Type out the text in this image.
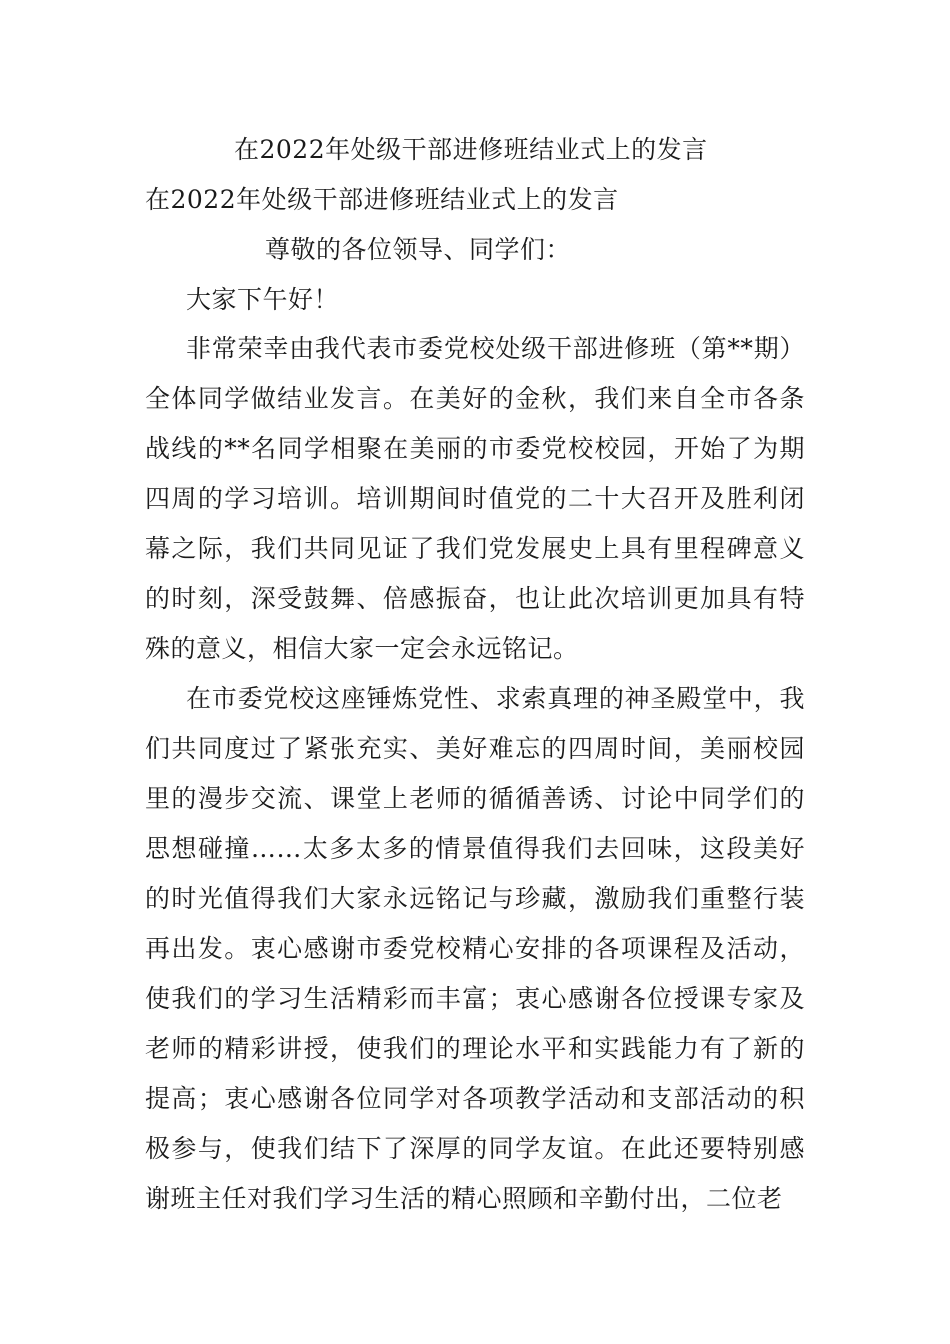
在2022年处级干部进修班结业式上的发言
在2022年处级干部进修班结业式上的发言
尊敬的各位领导、同学们：
大家下午好！

非常荣幸由我代表市委党校处级干部进修班（第**期）全体同学做结业发言。在美好的金秋，我们来自全市各条战线的**名同学相聚在美丽的市委党校校园，开始了为期四周的学习培训。培训期间时值党的二十大召开及胜利闭幕之际，我们共同见证了我们党发展史上具有里程碑意义的时刻，深受鼓舞、倍感振奋，也让此次培训更加具有特殊的意义，相信大家一定会永远铭记。

在市委党校这座锤炼党性、求索真理的神圣殿堂中，我们共同度过了紧张充实、美好难忘的四周时间，美丽校园里的漫步交流、课堂上老师的循循善诱、讨论中同学们的思想碰撞……太多太多的情景值得我们去回味，这段美好的时光值得我们大家永远铭记与珍藏，激励我们重整行装再出发。衷心感谢市委党校精心安排的各项课程及活动，使我们的学习生活精彩而丰富；衷心感谢各位授课专家及老师的精彩讲授，使我们的理论水平和实践能力有了新的提高；衷心感谢各位同学对各项教学活动和支部活动的积极参与，使我们结下了深厚的同学友谊。在此还要特别感谢班主任对我们学习生活的精心照顾和辛勤付出，二位老
